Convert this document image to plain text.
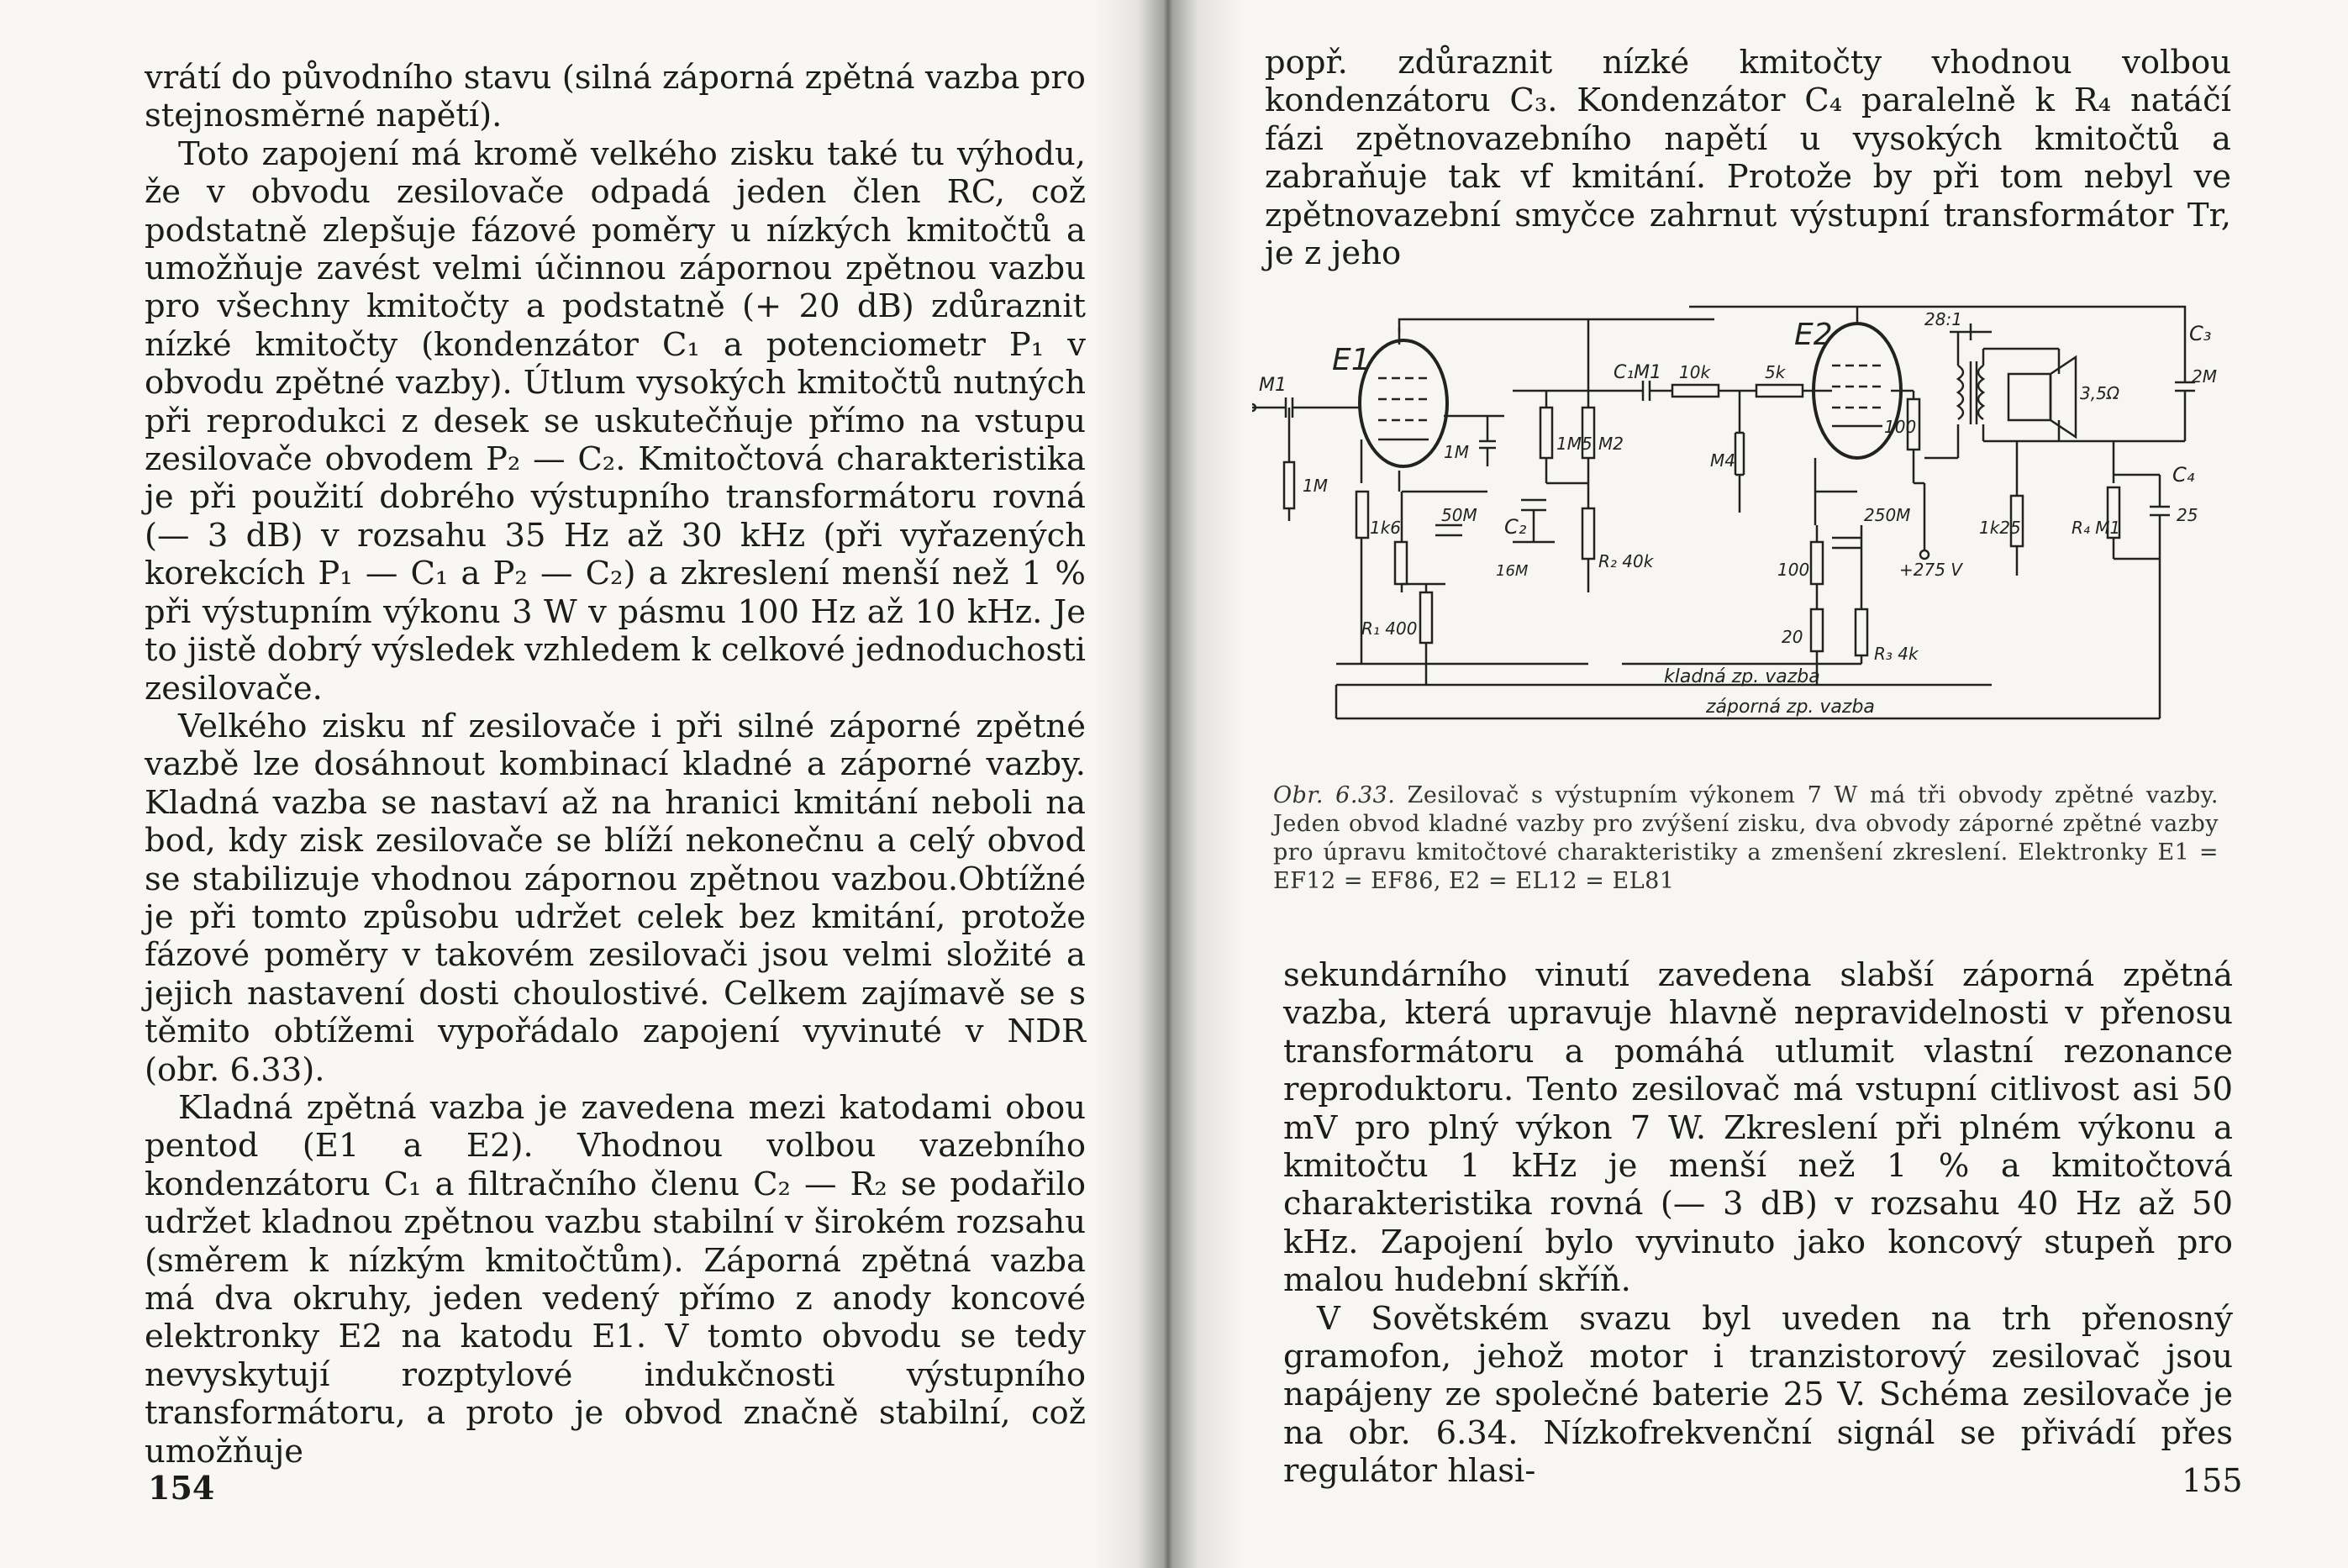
vrátí do původního stavu (silná záporná zpětná vazba pro stejnosměrné napětí).

Toto zapojení má kromě velkého zisku také tu výhodu, že v obvodu zesilovače odpadá jeden člen RC, což podstatně zlepšuje fázové poměry u nízkých kmitočtů a umožňuje zavést velmi účinnou zápornou zpětnou vazbu pro všechny kmitočty a podstatně (+ 20 dB) zdůraznit nízké kmitočty (kondenzátor C₁ a potenciometr P₁ v obvodu zpětné vazby). Útlum vysokých kmitočtů nutných při reprodukci z desek se uskutečňuje přímo na vstupu zesilovače obvodem P₂ — C₂. Kmitočtová charakteristika je při použití dobrého výstupního transformátoru rovná (— 3 dB) v rozsahu 35 Hz až 30 kHz (při vyřazených korekcích P₁ — C₁ a P₂ — C₂) a zkreslení menší než 1 % při výstupním výkonu 3 W v pásmu 100 Hz až 10 kHz. Je to jistě dobrý výsledek vzhledem k celkové jednoduchosti zesilovače.

Velkého zisku nf zesilovače i při silné záporné zpětné vazbě lze dosáhnout kombinací kladné a záporné vazby. Kladná vazba se nastaví až na hranici kmitání neboli na bod, kdy zisk zesilovače se blíží nekonečnu a celý obvod se stabilizuje vhodnou zápornou zpětnou vazbou.Obtížné je při tomto způsobu udržet celek bez kmitání, protože fázové poměry v takovém zesilovači jsou velmi složité a jejich nastavení dosti choulostivé. Celkem zajímavě se s těmito obtížemi vypořádalo zapojení vyvinuté v NDR (obr. 6.33).

Kladná zpětná vazba je zavedena mezi katodami obou pentod (E1 a E2). Vhodnou volbou vazebního kondenzátoru C₁ a filtračního členu C₂ — R₂ se podařilo udržet kladnou zpětnou vazbu stabilní v širokém rozsahu (směrem k nízkým kmitočtům). Záporná zpětná vazba má dva okruhy, jeden vedený přímo z anody koncové elektronky E2 na katodu E1. V tomto obvodu se tedy nevyskytují rozptylové indukčnosti výstupního transformátoru, a proto je obvod značně stabilní, což umožňuje

154

popř. zdůraznit nízké kmitočty vhodnou volbou kondenzátoru C₃. Kondenzátor C₄ paralelně k R₄ natáčí fázi zpětnovazebního napětí u vysokých kmitočtů a zabraňuje tak vf kmitání. Protože by při tom nebyl ve zpětnovazební smyčce zahrnut výstupní transformátor Tr, je z jeho

E1
E2
M1
1M
1k6
50M
R₁ 400
1M
C₁M1 10k	5k
1M5 M2
C₂
16M	R₂ 40k
M4
100
250M
100
20
R₃ 4k
28:1
3,5Ω
C₃
2M
+275 V
1k25	R₄ M1
C₄
25
kladná zp. vazba
záporná zp. vazba
Obr. 6.33. Zesilovač s výstupním výkonem 7 W má tři obvody zpětné vazby. Jeden obvod kladné vazby pro zvýšení zisku, dva obvody záporné zpětné vazby pro úpravu kmitočtové charakteristiky a zmenšení zkreslení. Elektronky E1 = EF12 = EF86, E2 = EL12 = EL81

sekundárního vinutí zavedena slabší záporná zpětná vazba, která upravuje hlavně nepravidelnosti v přenosu transformátoru a pomáhá utlumit vlastní rezonance reproduktoru. Tento zesilovač má vstupní citlivost asi 50 mV pro plný výkon 7 W. Zkreslení při plném výkonu a kmitočtu 1 kHz je menší než 1 % a kmitočtová charakteristika rovná (— 3 dB) v rozsahu 40 Hz až 50 kHz. Zapojení bylo vyvinuto jako koncový stupeň pro malou hudební skříň.

V Sovětském svazu byl uveden na trh přenosný gramofon, jehož motor i tranzistorový zesilovač jsou napájeny ze společné baterie 25 V. Schéma zesilovače je na obr. 6.34. Nízkofrekvenční signál se přivádí přes regulátor hlasi-	155
